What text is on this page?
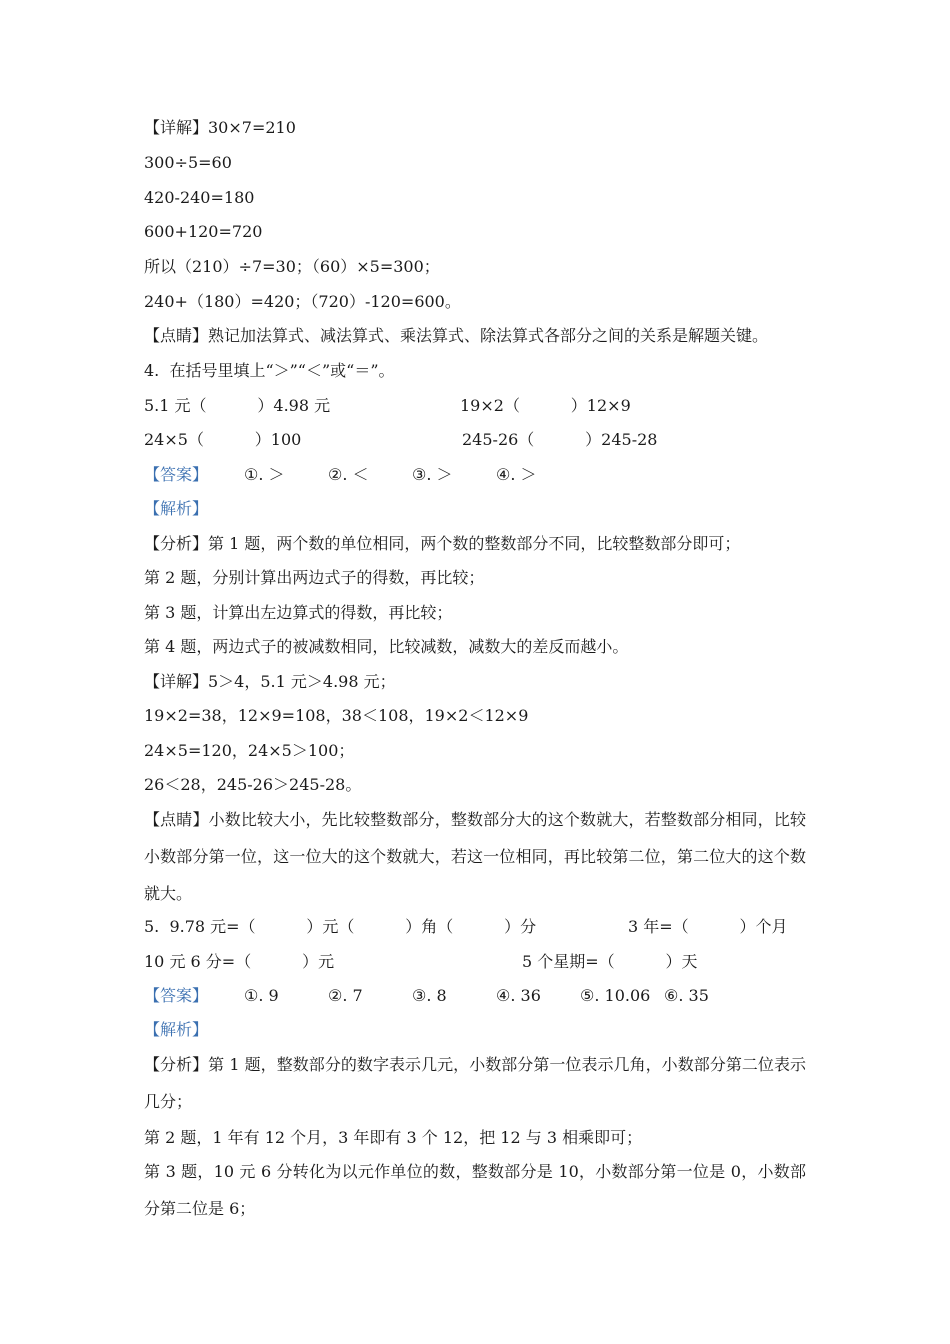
【详解】30×7=210
300÷5=60
420-240=180
600+120=720
所以（210）÷7=30；（60）×5=300；
240+（180）=420；（720）-120=600。
【点睛】熟记加法算式、减法算式、乘法算式、除法算式各部分之间的关系是解题关键。
4.  在括号里填上“＞”“＜”或“＝”。
5.1 元（          ）4.98 元	19×2（          ）12×9
24×5（          ）100	245-26（          ）245-28
【答案】 ①. ＞	②. ＜	③. ＞	④. ＞
【解析】
【分析】第 1 题，两个数的单位相同，两个数的整数部分不同，比较整数部分即可；
第 2 题，分别计算出两边式子的得数，再比较；
第 3 题，计算出左边算式的得数，再比较；
第 4 题，两边式子的被减数相同，比较减数，减数大的差反而越小。
【详解】5＞4，5.1 元＞4.98 元；
19×2=38，12×9=108，38＜108，19×2＜12×9
24×5=120，24×5＞100；
26＜28，245-26＞245-28。
【点睛】小数比较大小，先比较整数部分，整数部分大的这个数就大，若整数部分相同，比较小数部分第一位，这一位大的这个数就大，若这一位相同，再比较第二位，第二位大的这个数就大。
5.  9.78 元=（          ）元（          ）角（          ）分	3 年=（          ）个月
10 元 6 分=（          ）元	5 个星期=（          ）天
【答案】 ①. 9	②. 7	③. 8	④. 36 ⑤. 10.06 ⑥. 35
【解析】
【分析】第 1 题，整数部分的数字表示几元，小数部分第一位表示几角，小数部分第二位表示几分；
第 2 题，1 年有 12 个月，3 年即有 3 个 12，把 12 与 3 相乘即可；
第 3 题，10 元 6 分转化为以元作单位的数，整数部分是 10，小数部分第一位是 0，小数部分第二位是 6；
